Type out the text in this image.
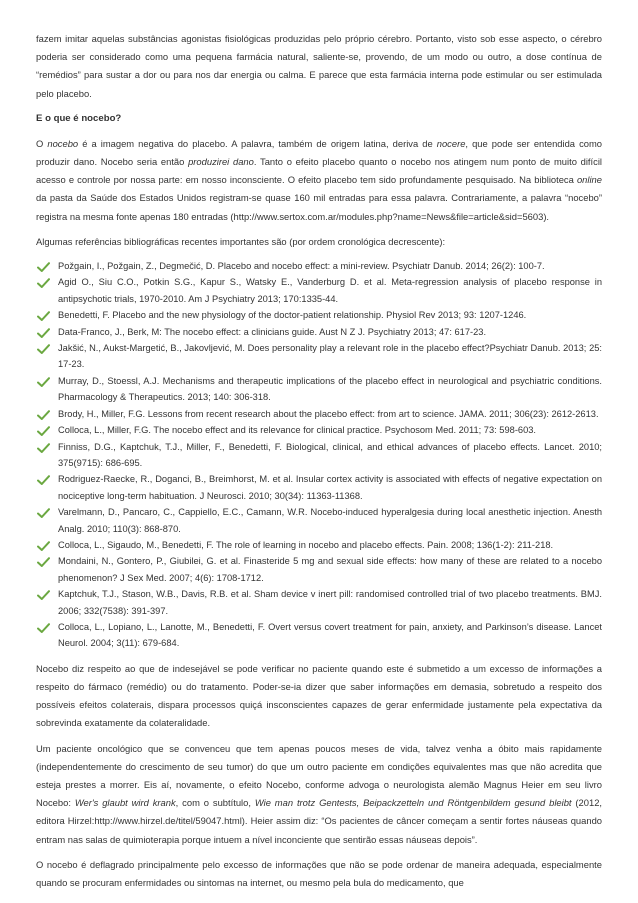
fazem imitar aquelas substâncias agonistas fisiológicas produzidas pelo próprio cérebro. Portanto, visto sob esse aspecto, o cérebro poderia ser considerado como uma pequena farmácia natural, saliente-se, provendo, de um modo ou outro, a dose contínua de “remédios” para sustar a dor ou para nos dar energia ou calma. E parece que esta farmácia interna pode estimular ou ser estimulada pelo placebo.

E o que é nocebo?

O nocebo é a imagem negativa do placebo. A palavra, também de origem latina, deriva de nocere, que pode ser entendida como produzir dano. Nocebo seria então produzirei dano. Tanto o efeito placebo quanto o nocebo nos atingem num ponto de muito difícil acesso e controle por nossa parte: em nosso inconsciente. O efeito placebo tem sido profundamente pesquisado. Na biblioteca online da pasta da Saúde dos Estados Unidos registram-se quase 160 mil entradas para essa palavra. Contrariamente, a palavra “nocebo” registra na mesma fonte apenas 180 entradas (http://www.sertox.com.ar/modules.php?name=News&file=article&sid=5603).

Algumas referências bibliográficas recentes importantes são (por ordem cronológica decrescente):

Požgain, I., Požgain, Z., Degmečić, D. Placebo and nocebo effect: a mini-review. Psychiatr Danub. 2014; 26(2): 100-7.
Agid O., Siu C.O., Potkin S.G., Kapur S., Watsky E., Vanderburg D. et al. Meta-regression analysis of placebo response in antipsychotic trials, 1970-2010. Am J Psychiatry 2013; 170:1335-44.
Benedetti, F. Placebo and the new physiology of the doctor-patient relationship. Physiol Rev 2013; 93: 1207-1246.
Data-Franco, J., Berk, M: The nocebo effect: a clinicians guide. Aust N Z J. Psychiatry 2013; 47: 617-23.
Jakšić, N., Aukst-Margetić, B., Jakovljević, M. Does personality play a relevant role in the placebo effect?Psychiatr Danub. 2013; 25: 17-23.
Murray, D., Stoessl, A.J. Mechanisms and therapeutic implications of the placebo effect in neurological and psychiatric conditions. Pharmacology & Therapeutics. 2013; 140: 306-318.
Brody, H., Miller, F.G. Lessons from recent research about the placebo effect: from art to science. JAMA. 2011; 306(23): 2612-2613.
Colloca, L., Miller, F.G. The nocebo effect and its relevance for clinical practice. Psychosom Med. 2011; 73: 598-603.
Finniss, D.G., Kaptchuk, T.J., Miller, F., Benedetti, F. Biological, clinical, and ethical advances of placebo effects. Lancet. 2010; 375(9715): 686-695.
Rodriguez-Raecke, R., Doganci, B., Breimhorst, M. et al. Insular cortex activity is associated with effects of negative expectation on nociceptive long-term habituation. J Neurosci. 2010; 30(34): 11363-11368.
Varelmann, D., Pancaro, C., Cappiello, E.C., Camann, W.R. Nocebo-induced hyperalgesia during local anesthetic injection. Anesth Analg. 2010; 110(3): 868-870.
Colloca, L., Sigaudo, M., Benedetti, F. The role of learning in nocebo and placebo effects. Pain. 2008; 136(1-2): 211-218.
Mondaini, N., Gontero, P., Giubilei, G. et al. Finasteride 5 mg and sexual side effects: how many of these are related to a nocebo phenomenon? J Sex Med. 2007; 4(6): 1708-1712.
Kaptchuk, T.J., Stason, W.B., Davis, R.B. et al. Sham device v inert pill: randomised controlled trial of two placebo treatments. BMJ. 2006; 332(7538): 391-397.
Colloca, L., Lopiano, L., Lanotte, M., Benedetti, F. Overt versus covert treatment for pain, anxiety, and Parkinson’s disease. Lancet Neurol. 2004; 3(11): 679-684.

Nocebo diz respeito ao que de indesejável se pode verificar no paciente quando este é submetido a um excesso de informações a respeito do fármaco (remédio) ou do tratamento. Poder-se-ia dizer que saber informações em demasia, sobretudo a respeito dos possíveis efeitos colaterais, dispara processos quiçá insconscientes capazes de gerar enfermidade justamente pela expectativa da sobrevinda exatamente da colateralidade.

Um paciente oncológico que se convenceu que tem apenas poucos meses de vida, talvez venha a óbito mais rapidamente (independentemente do crescimento de seu tumor) do que um outro paciente em condições equivalentes mas que não acredita que esteja prestes a morrer. Eis aí, novamente, o efeito Nocebo, conforme advoga o neurologista alemão Magnus Heier em seu livro Nocebo: Wer's glaubt wird krank, com o subtítulo, Wie man trotz Gentests, Beipackzetteln und Röntgenbildem gesund bleibt (2012, editora Hirzel:http://www.hirzel.de/titel/59047.html). Heier assim diz: “Os pacientes de câncer começam a sentir fortes náuseas quando entram nas salas de quimioterapia porque intuem a nível inconciente que sentirão essas náuseas depois”.

O nocebo é deflagrado principalmente pelo excesso de informações que não se pode ordenar de maneira adequada, especialmente quando se procuram enfermidades ou sintomas na internet, ou mesmo pela bula do medicamento, que
